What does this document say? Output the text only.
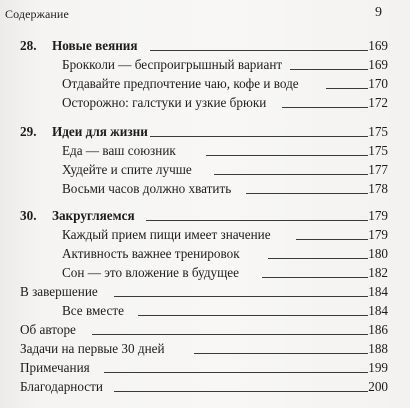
Содержание	9
28. Новые веяния	169
Брокколи — беспроигрышный вариант	169
Отдавайте предпочтение чаю, кофе и воде	170
Осторожно: галстуки и узкие брюки	172
29. Идеи для жизни	175
Еда — ваш союзник	175
Худейте и спите лучше	177
Восьми часов должно хватить	178
30. Закругляемся	179
Каждый прием пищи имеет значение	179
Активность важнее тренировок	180
Сон — это вложение в будущее	182
В завершение	184
Все вместе	184
Об авторе	186
Задачи на первые 30 дней	188
Примечания	199
Благодарности	200
